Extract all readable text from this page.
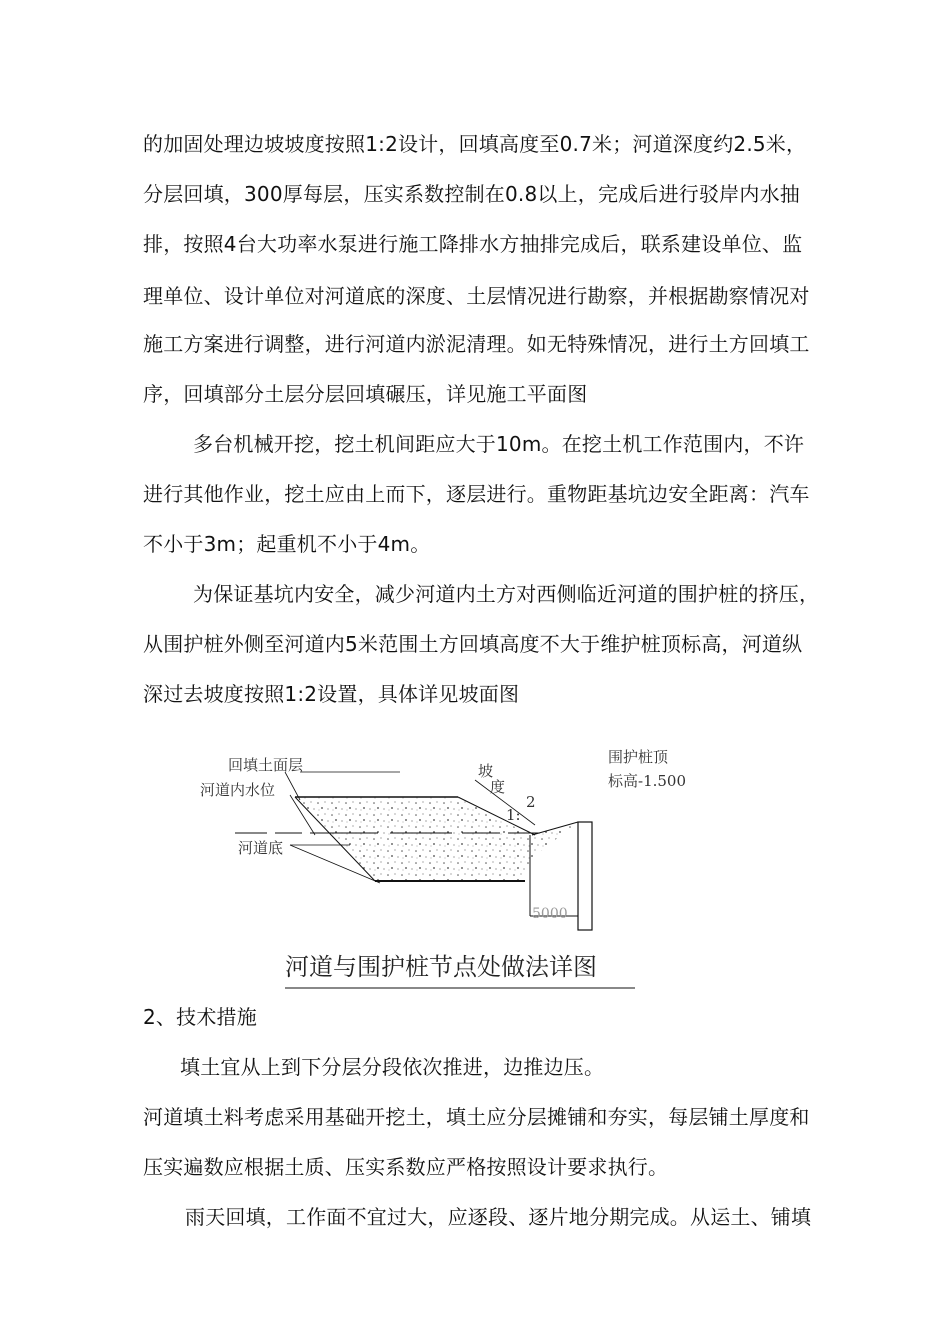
的加固处理边坡坡度按照1:2设计，回填高度至0.7米；河道深度约2.5米，
分层回填，300厚每层，压实系数控制在0.8以上，完成后进行驳岸内水抽
排，按照4台大功率水泵进行施工降排水方抽排完成后，联系建设单位、监
理单位、设计单位对河道底的深度、土层情况进行勘察，并根据勘察情况对
施工方案进行调整，进行河道内淤泥清理。如无特殊情况，进行土方回填工
序，回填部分土层分层回填碾压，详见施工平面图
多台机械开挖，挖土机间距应大于10m。在挖土机工作范围内，不许
进行其他作业，挖土应由上而下，逐层进行。重物距基坑边安全距离：汽车
不小于3m；起重机不小于4m。
为保证基坑内安全，减少河道内土方对西侧临近河道的围护桩的挤压，
从围护桩外侧至河道内5米范围土方回填高度不大于维护桩顶标高，河道纵
深过去坡度按照1:2设置，具体详见坡面图
5000
回填土面层
河道内水位
河道底
坡
度
1:
2
围护桩顶
标高-1.500
河道与围护桩节点处做法详图
2、技术措施
填土宜从上到下分层分段依次推进，边推边压。
河道填土料考虑采用基础开挖土，填土应分层摊铺和夯实，每层铺土厚度和
压实遍数应根据土质、压实系数应严格按照设计要求执行。
雨天回填，工作面不宜过大，应逐段、逐片地分期完成。从运土、铺填
